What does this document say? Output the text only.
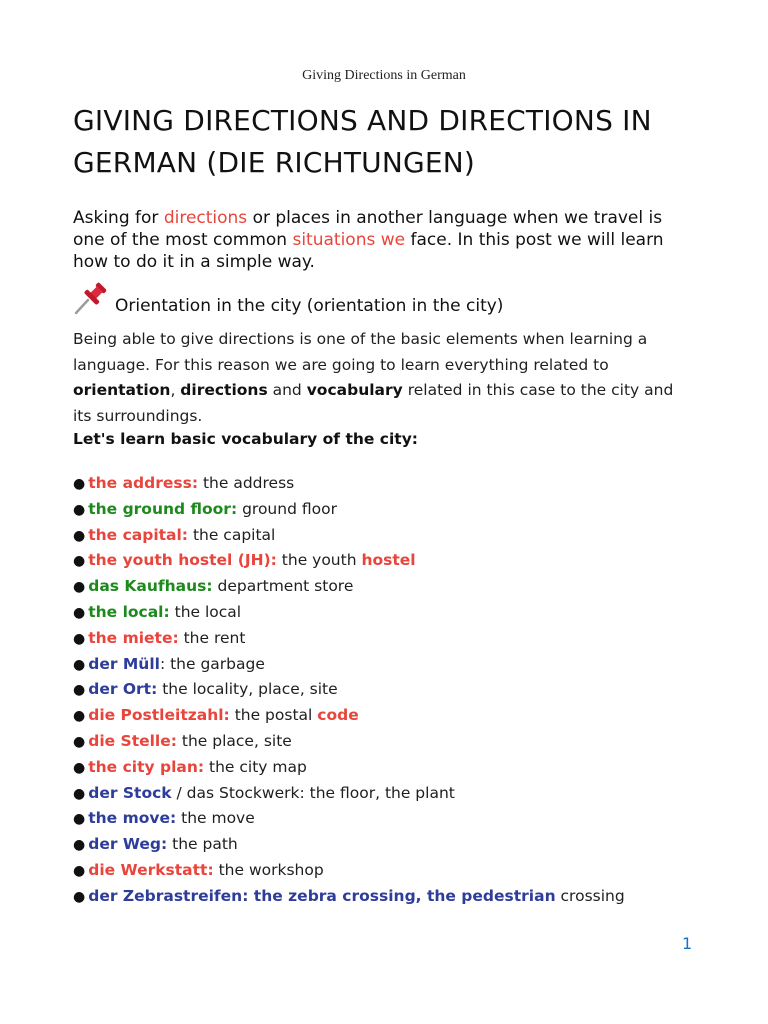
Giving Directions in German
GIVING DIRECTIONS AND DIRECTIONS IN GERMAN (DIE RICHTUNGEN)
Asking for directions or places in another language when we travel is one of the most common situations we face. In this post we will learn how to do it in a simple way.
Orientation in the city (orientation in the city)
Being able to give directions is one of the basic elements when learning a language. For this reason we are going to learn everything related to orientation, directions and vocabulary related in this case to the city and its surroundings.
Let's learn basic vocabulary of the city:
● the address: the address
● the ground floor: ground floor
● the capital: the capital
● the youth hostel (JH): the youth hostel
● das Kaufhaus: department store
● the local: the local
● the miete: the rent
● der Müll: the garbage
● der Ort: the locality, place, site
● die Postleitzahl: the postal code
● die Stelle: the place, site
● the city plan: the city map
● der Stock / das Stockwerk: the floor, the plant
● the move: the move
● der Weg: the path
● die Werkstatt: the workshop
● der Zebrastreifen: the zebra crossing, the pedestrian crossing
1
